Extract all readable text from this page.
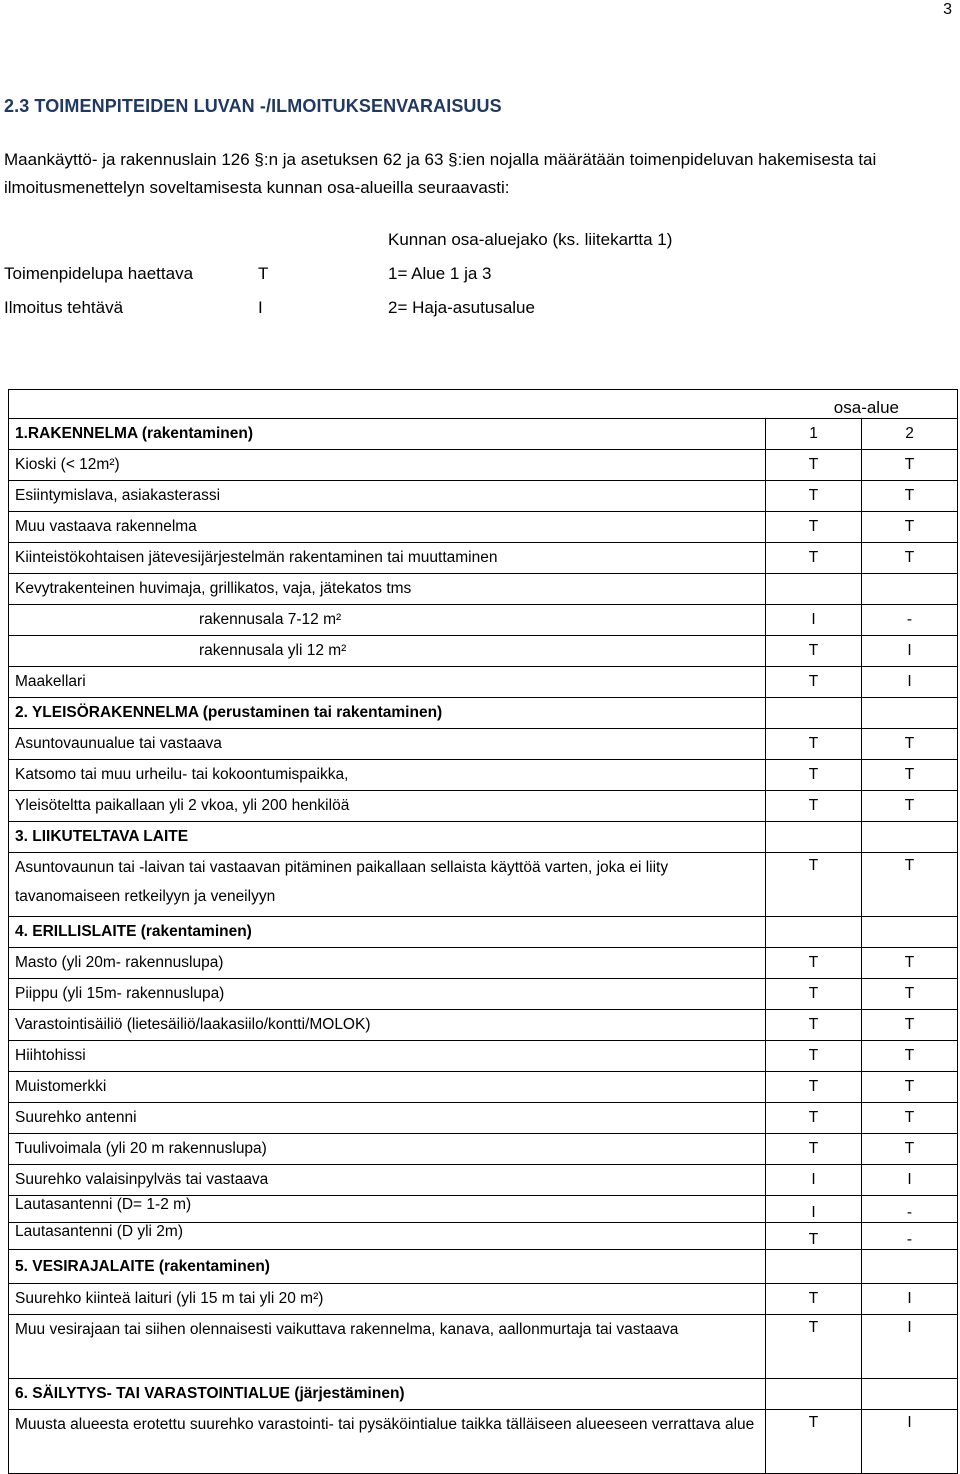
3
2.3 TOIMENPITEIDEN LUVAN -/ILMOITUKSENVARAISUUS

Maankäyttö- ja rakennuslain 126 §:n ja asetuksen 62 ja 63 §:ien nojalla määrätään toimenpideluvan hakemisesta tai ilmoitusmenettelyn soveltamisesta kunnan osa-alueilla seuraavasti:

Kunnan osa-aluejako (ks. liitekartta 1)
Toimenpidelupa haettava	T	1= Alue 1 ja 3
Ilmoitus tehtävä	I	2= Haja-asutusalue
osa-alue		
1.RAKENNELMA (rakentaminen)	1	2
Kioski (< 12m²)	T	T
Esiintymislava, asiakasterassi	T	T
Muu vastaava rakennelma	T	T
Kiinteistökohtaisen jätevesijärjestelmän rakentaminen tai muuttaminen	T	T
Kevytrakenteinen huvimaja, grillikatos, vaja, jätekatos tms		
rakennusala 7-12 m²	I	-
rakennusala yli 12 m²	T	I
Maakellari	T	I
2. YLEISÖRAKENNELMA (perustaminen tai rakentaminen)		
Asuntovaunualue tai vastaava	T	T
Katsomo tai muu urheilu- tai kokoontumispaikka,	T	T
Yleisöteltta paikallaan yli 2 vkoa, yli 200 henkilöä	T	T
3. LIIKUTELTAVA LAITE		
Asuntovaunun tai -laivan tai vastaavan pitäminen paikallaan sellaista käyttöä varten, joka ei liity tavanomaiseen retkeilyyn ja veneilyyn	T	T
4. ERILLISLAITE (rakentaminen)		
Masto (yli 20m- rakennuslupa)	T	T
Piippu (yli 15m- rakennuslupa)	T	T
Varastointisäiliö (lietesäiliö/laakasiilo/kontti/MOLOK)	T	T
Hiihtohissi	T	T
Muistomerkki	T	T
Suurehko antenni	T	T
Tuulivoimala (yli 20 m rakennuslupa)	T	T
Suurehko valaisinpylväs tai vastaava	I	I
Lautasantenni (D= 1-2 m)	I	-
Lautasantenni (D yli 2m)	T	-
5. VESIRAJALAITE (rakentaminen)		
Suurehko kiinteä laituri (yli 15 m tai yli 20 m²)	T	I
Muu vesirajaan tai siihen olennaisesti vaikuttava rakennelma, kanava, aallonmurtaja tai vastaava	T	I
6. SÄILYTYS- TAI VARASTOINTIALUE (järjestäminen)		
Muusta alueesta erotettu suurehko varastointi- tai pysäköintialue taikka tälläiseen alueeseen verrattava alue	T	I
